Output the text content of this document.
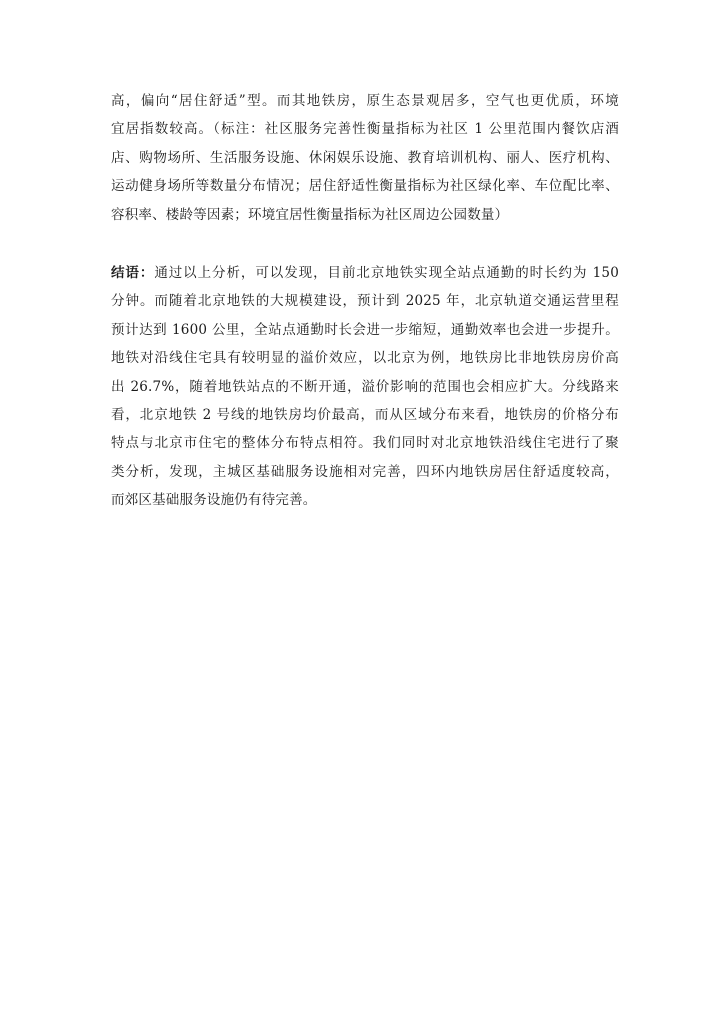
高，偏向“居住舒适”型。而其地铁房，原生态景观居多，空气也更优质，环境
宜居指数较高。（标注：社区服务完善性衡量指标为社区 1 公里范围内餐饮店酒
店、购物场所、生活服务设施、休闲娱乐设施、教育培训机构、丽人、医疗机构、
运动健身场所等数量分布情况；居住舒适性衡量指标为社区绿化率、车位配比率、
容积率、楼龄等因素；环境宜居性衡量指标为社区周边公园数量）
结语：通过以上分析，可以发现，目前北京地铁实现全站点通勤的时长约为 150
分钟。而随着北京地铁的大规模建设，预计到 2025 年，北京轨道交通运营里程
预计达到 1600 公里，全站点通勤时长会进一步缩短，通勤效率也会进一步提升。
地铁对沿线住宅具有较明显的溢价效应，以北京为例，地铁房比非地铁房房价高
出 26.7%，随着地铁站点的不断开通，溢价影响的范围也会相应扩大。分线路来
看，北京地铁 2 号线的地铁房均价最高，而从区域分布来看，地铁房的价格分布
特点与北京市住宅的整体分布特点相符。我们同时对北京地铁沿线住宅进行了聚
类分析，发现，主城区基础服务设施相对完善，四环内地铁房居住舒适度较高，
而郊区基础服务设施仍有待完善。
